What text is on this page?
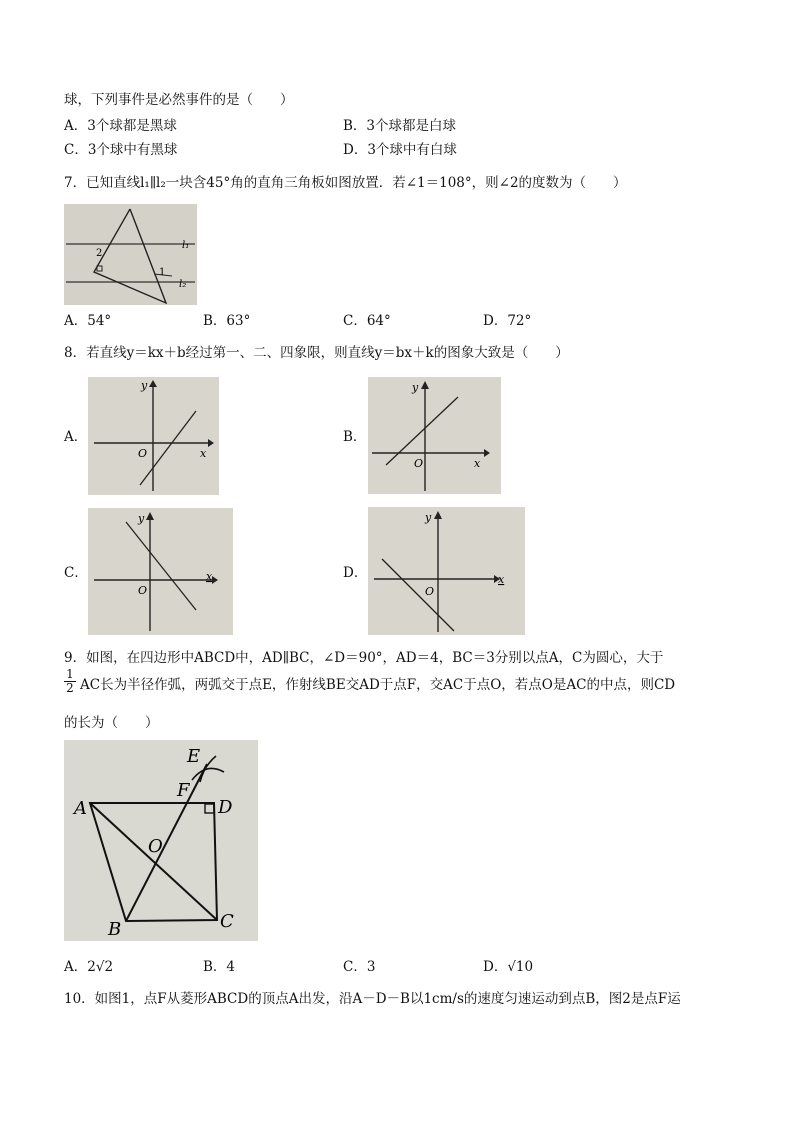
球，下列事件是必然事件的是（　　）
A．3个球都是黑球	B．3个球都是白球
C．3个球中有黑球	D．3个球中有白球
7．已知直线l₁∥l₂一块含45°角的直角三角板如图放置．若∠1＝108°，则∠2的度数为（　　）
l₁
l₂
1
2
A．54°	B．63°	C．64°	D．72°
8．若直线y＝kx＋b经过第一、二、四象限，则直线y＝bx＋k的图象大致是（　　）
A．
y
x
O
B．
y
x
O
C．
y
x
O
D．
y
x
O
9．如图，在四边形中ABCD中，AD∥BC，∠D＝90°，AD＝4，BC＝3分别以点A，C为圆心，大于
$\frac{1}{2}$ AC长为半径作弧，两弧交于点E，作射线BE交AD于点F，交AC于点O，若点O是AC的中点，则CD
的长为（　　）
A
B	C
D
E
F
O
A．2√2	B．4	C．3	D．√10
10．如图1，点F从菱形ABCD的顶点A出发，沿A－D－B以1cm/s的速度匀速运动到点B，图2是点F运
